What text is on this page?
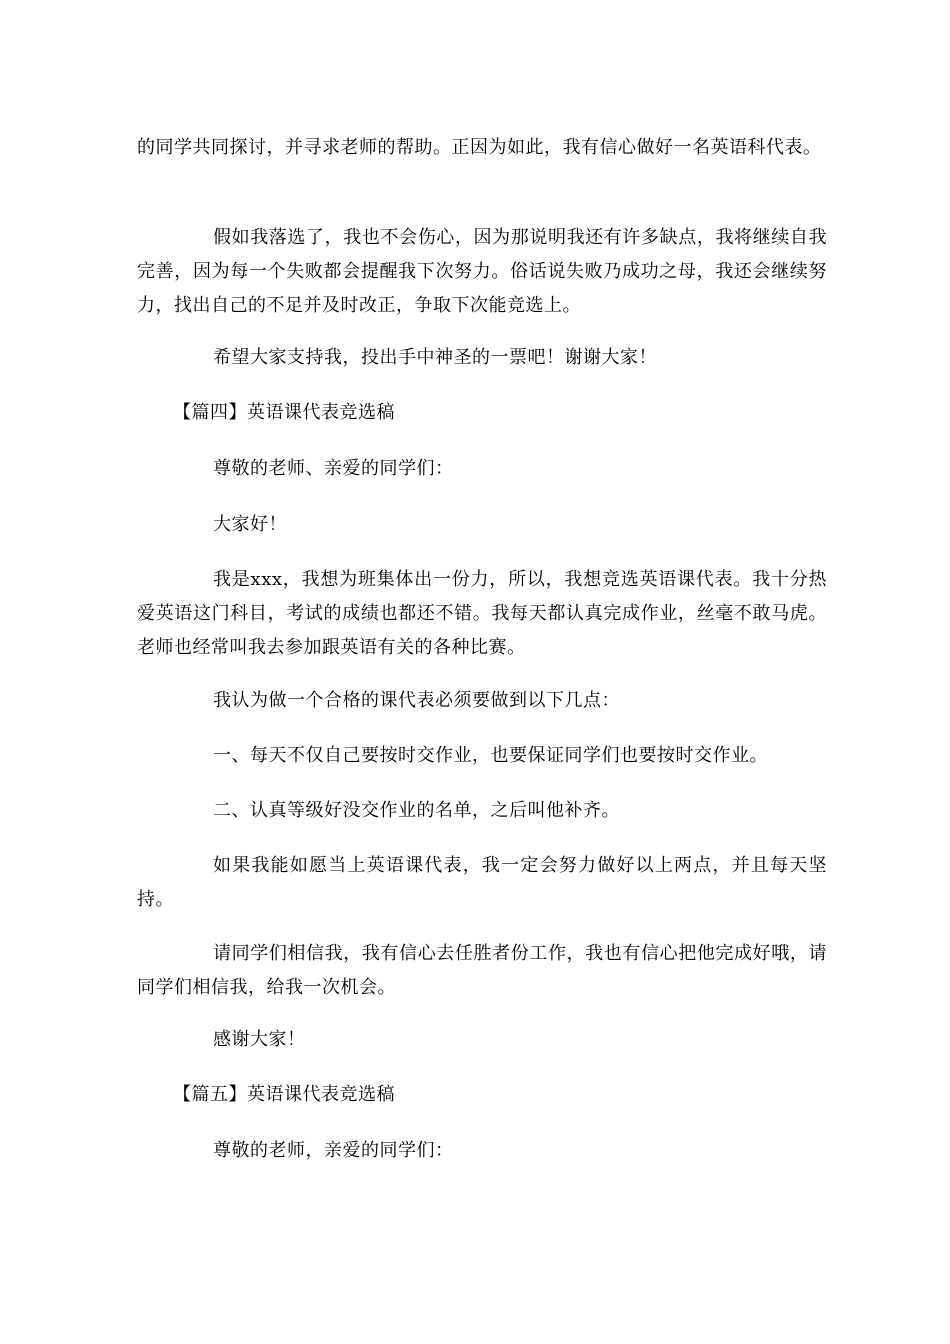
的同学共同探讨，并寻求老师的帮助。正因为如此，我有信心做好一名英语科代表。

假如我落选了，我也不会伤心，因为那说明我还有许多缺点，我将继续自我完善，因为每一个失败都会提醒我下次努力。俗话说失败乃成功之母，我还会继续努力，找出自己的不足并及时改正，争取下次能竞选上。

希望大家支持我，投出手中神圣的一票吧！谢谢大家！

【篇四】英语课代表竞选稿

尊敬的老师、亲爱的同学们：

大家好！

我是xxx，我想为班集体出一份力，所以，我想竞选英语课代表。我十分热爱英语这门科目，考试的成绩也都还不错。我每天都认真完成作业，丝毫不敢马虎。老师也经常叫我去参加跟英语有关的各种比赛。

我认为做一个合格的课代表必须要做到以下几点：

一、每天不仅自己要按时交作业，也要保证同学们也要按时交作业。

二、认真等级好没交作业的名单，之后叫他补齐。

如果我能如愿当上英语课代表，我一定会努力做好以上两点，并且每天坚持。

请同学们相信我，我有信心去任胜者份工作，我也有信心把他完成好哦，请同学们相信我，给我一次机会。

感谢大家！

【篇五】英语课代表竞选稿

尊敬的老师，亲爱的同学们：
